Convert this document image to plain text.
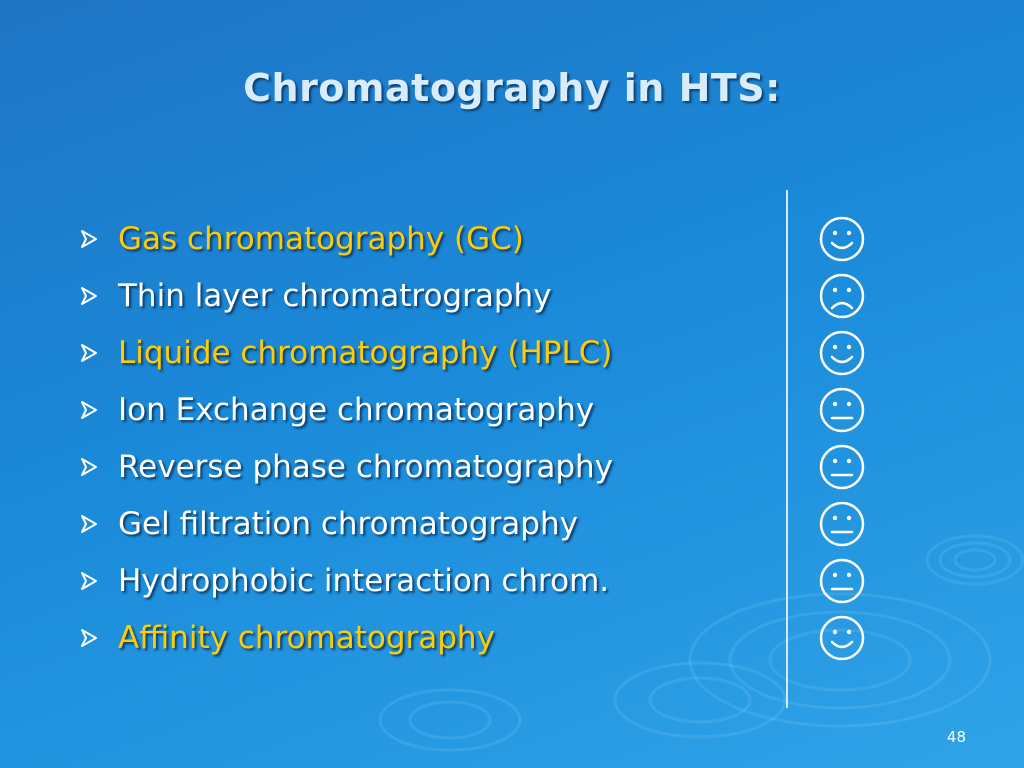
Chromatography in HTS:
Gas chromatography (GC)
Thin layer chromatrography
Liquide chromatography (HPLC)
Ion Exchange chromatography
Reverse phase chromatography
Gel filtration chromatography
Hydrophobic interaction chrom.
Affinity chromatography
48
